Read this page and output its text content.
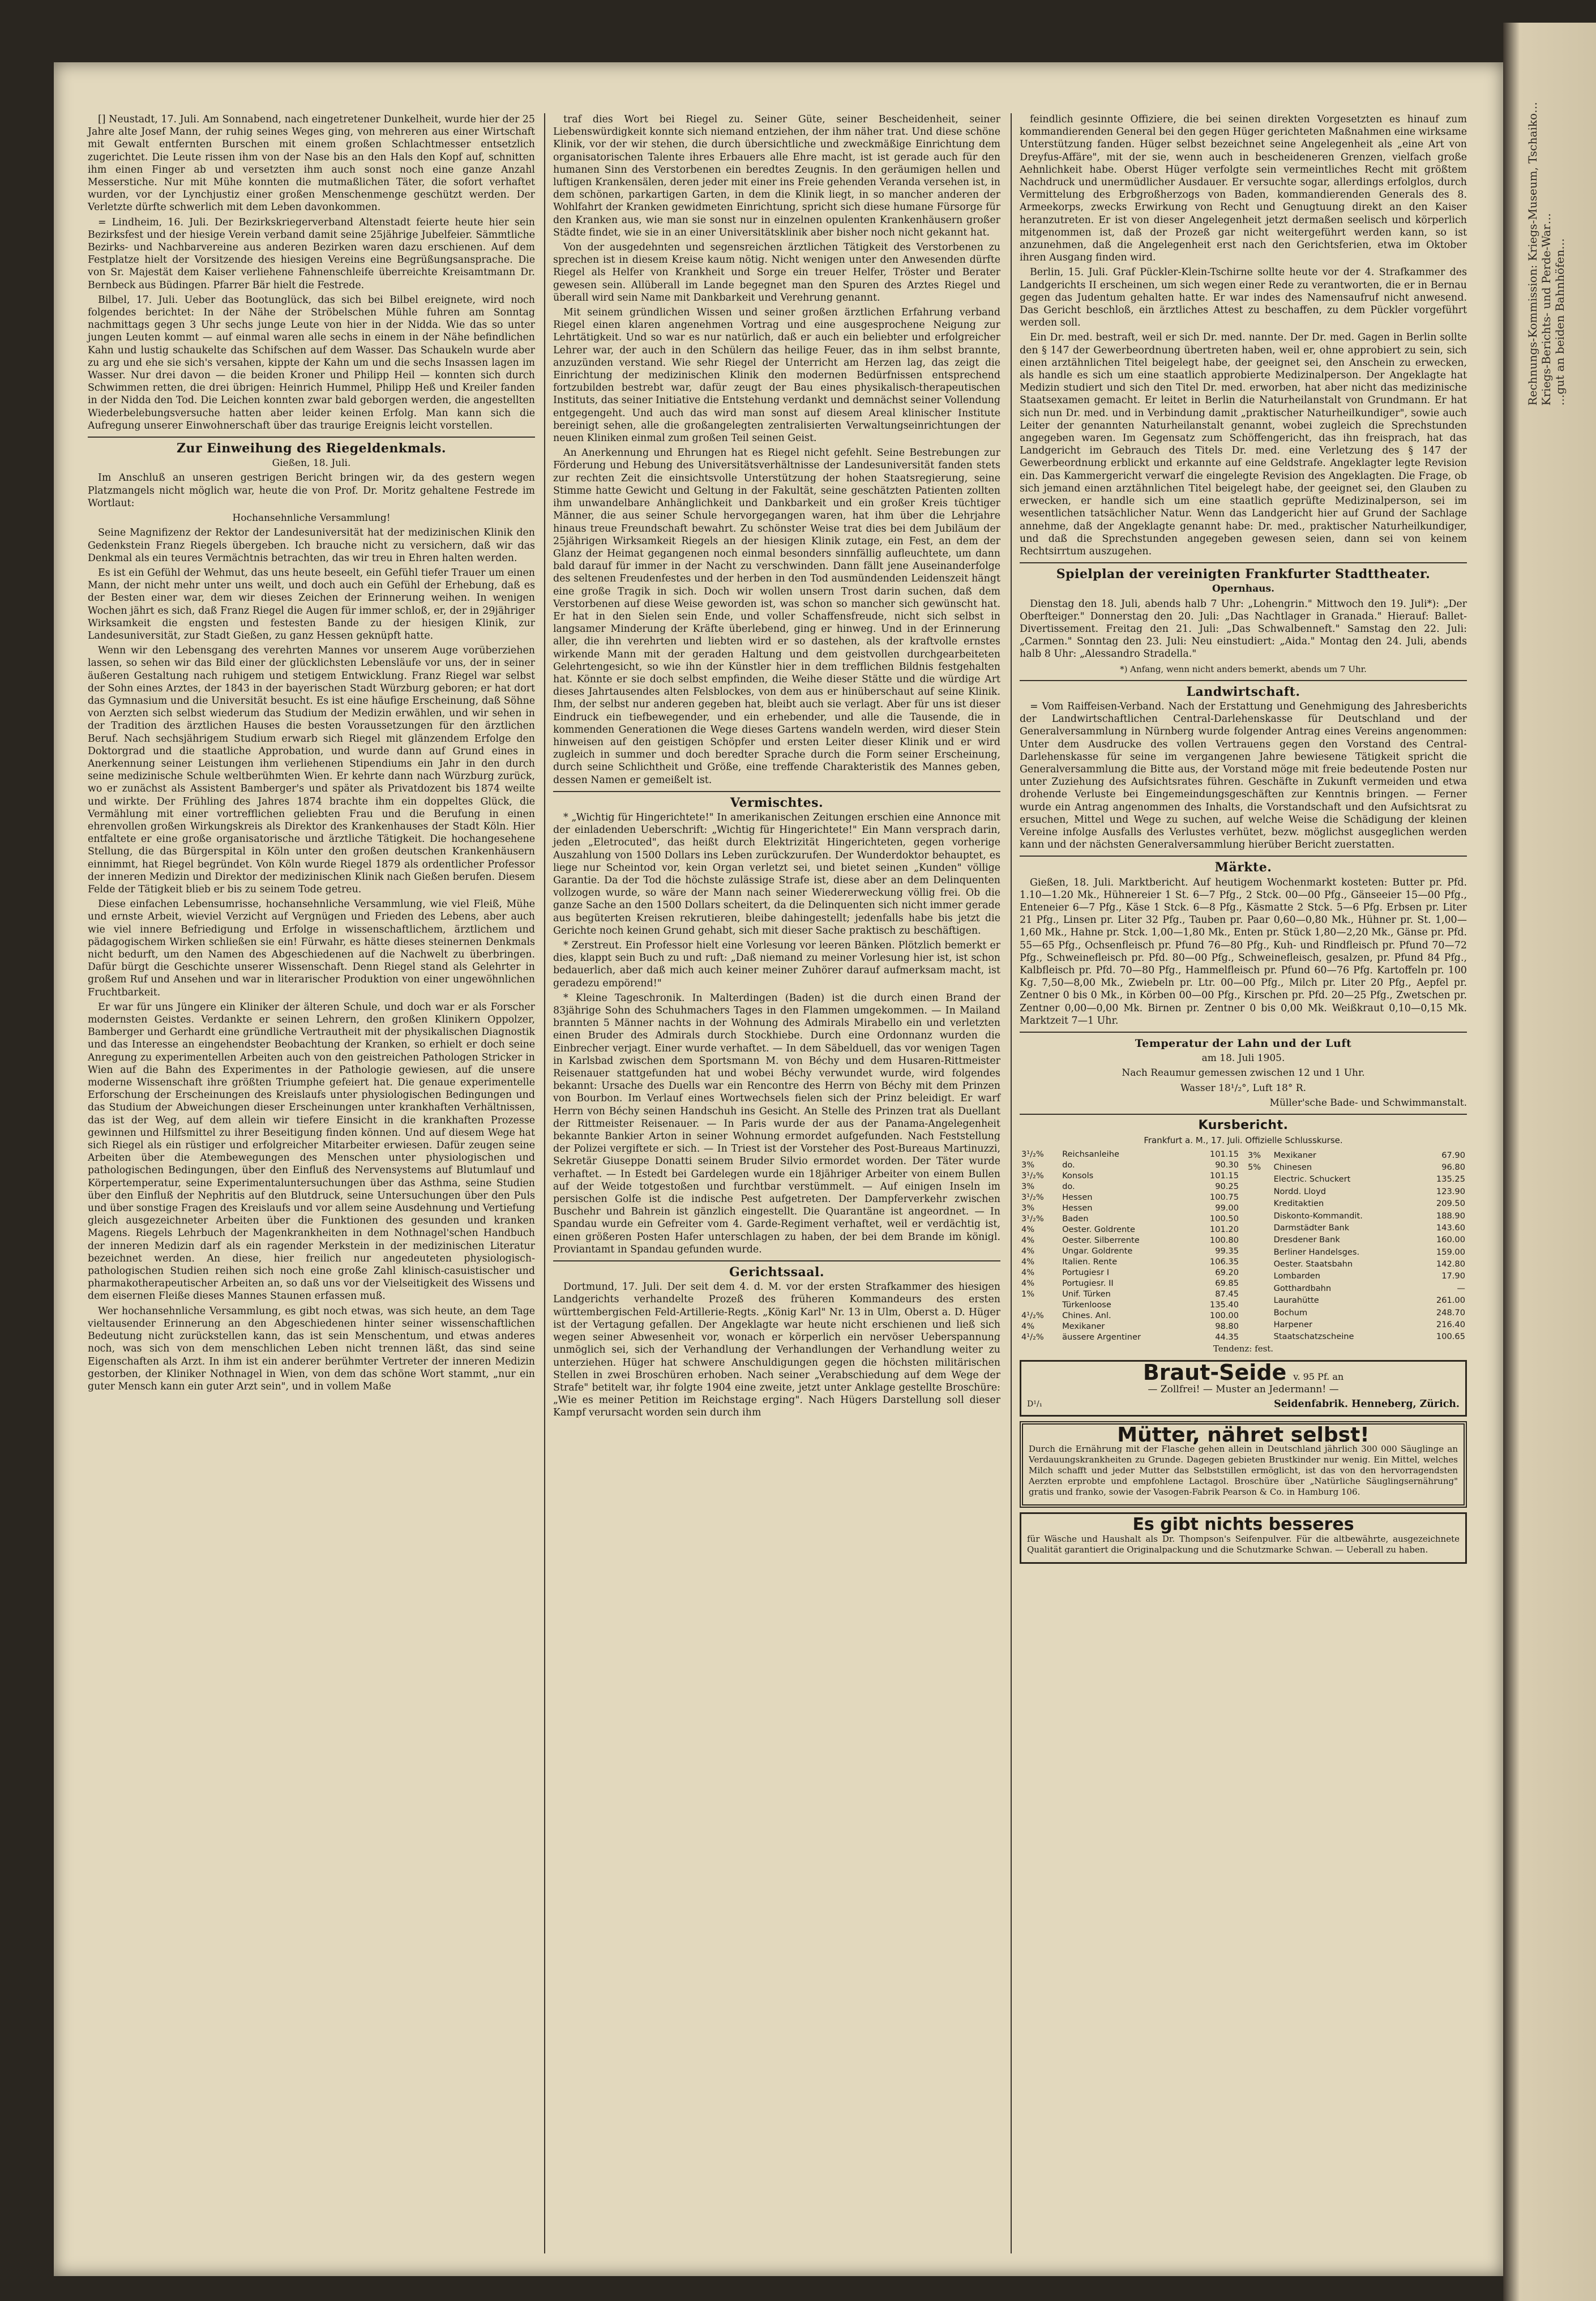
[] Neustadt, 17. Juli. Am Sonnabend, nach eingetretener Dunkelheit, wurde hier der 25 Jahre alte Josef Mann, der ruhig seines Weges ging, von mehreren aus einer Wirtschaft mit Gewalt entfernten Burschen mit einem großen Schlachtmesser entsetzlich zugerichtet. Die Leute rissen ihm von der Nase bis an den Hals den Kopf auf, schnitten ihm einen Finger ab und versetzten ihm auch sonst noch eine ganze Anzahl Messerstiche. Nur mit Mühe konnten die mutmaßlichen Täter, die sofort verhaftet wurden, vor der Lynchjustiz einer großen Menschenmenge geschützt werden. Der Verletzte dürfte schwerlich mit dem Leben davonkommen.

= Lindheim, 16. Juli. Der Bezirkskriegerverband Altenstadt feierte heute hier sein Bezirksfest und der hiesige Verein verband damit seine 25jährige Jubelfeier. Sämmtliche Bezirks- und Nachbarvereine aus anderen Bezirken waren dazu erschienen. Auf dem Festplatze hielt der Vorsitzende des hiesigen Vereins eine Begrüßungsansprache. Die von Sr. Majestät dem Kaiser verliehene Fahnenschleife überreichte Kreisamtmann Dr. Bernbeck aus Büdingen. Pfarrer Bär hielt die Festrede.

Bilbel, 17. Juli. Ueber das Bootunglück, das sich bei Bilbel ereignete, wird noch folgendes berichtet: In der Nähe der Ströbelschen Mühle fuhren am Sonntag nachmittags gegen 3 Uhr sechs junge Leute von hier in der Nidda. Wie das so unter jungen Leuten kommt — auf einmal waren alle sechs in einem in der Nähe befindlichen Kahn und lustig schaukelte das Schifschen auf dem Wasser. Das Schaukeln wurde aber zu arg und ehe sie sich's versahen, kippte der Kahn um und die sechs Insassen lagen im Wasser. Nur drei davon — die beiden Kroner und Philipp Heil — konnten sich durch Schwimmen retten, die drei übrigen: Heinrich Hummel, Philipp Heß und Kreiler fanden in der Nidda den Tod. Die Leichen konnten zwar bald geborgen werden, die angestellten Wiederbelebungsversuche hatten aber leider keinen Erfolg. Man kann sich die Aufregung unserer Einwohnerschaft über das traurige Ereignis leicht vorstellen.

Zur Einweihung des Riegeldenkmals.

Gießen, 18. Juli.

Im Anschluß an unseren gestrigen Bericht bringen wir, da des gestern wegen Platzmangels nicht möglich war, heute die von Prof. Dr. Moritz gehaltene Festrede im Wortlaut:

Hochansehnliche Versammlung!

Seine Magnifizenz der Rektor der Landesuniversität hat der medizinischen Klinik den Gedenkstein Franz Riegels übergeben. Ich brauche nicht zu versichern, daß wir das Denkmal als ein teures Vermächtnis betrachten, das wir treu in Ehren halten werden.

Es ist ein Gefühl der Wehmut, das uns heute beseelt, ein Gefühl tiefer Trauer um einen Mann, der nicht mehr unter uns weilt, und doch auch ein Gefühl der Erhebung, daß es der Besten einer war, dem wir dieses Zeichen der Erinnerung weihen. In wenigen Wochen jährt es sich, daß Franz Riegel die Augen für immer schloß, er, der in 29jähriger Wirksamkeit die engsten und festesten Bande zu der hiesigen Klinik, zur Landesuniversität, zur Stadt Gießen, zu ganz Hessen geknüpft hatte.

Wenn wir den Lebensgang des verehrten Mannes vor unserem Auge vorüberziehen lassen, so sehen wir das Bild einer der glücklichsten Lebensläufe vor uns, der in seiner äußeren Gestaltung nach ruhigem und stetigem Entwicklung. Franz Riegel war selbst der Sohn eines Arztes, der 1843 in der bayerischen Stadt Würzburg geboren; er hat dort das Gymnasium und die Universität besucht. Es ist eine häufige Erscheinung, daß Söhne von Aerzten sich selbst wiederum das Studium der Medizin erwählen, und wir sehen in der Tradition des ärztlichen Hauses die besten Voraussetzungen für den ärztlichen Beruf. Nach sechsjährigem Studium erwarb sich Riegel mit glänzendem Erfolge den Doktorgrad und die staatliche Approbation, und wurde dann auf Grund eines in Anerkennung seiner Leistungen ihm verliehenen Stipendiums ein Jahr in den durch seine medizinische Schule weltberühmten Wien. Er kehrte dann nach Würzburg zurück, wo er zunächst als Assistent Bamberger's und später als Privatdozent bis 1874 weilte und wirkte. Der Frühling des Jahres 1874 brachte ihm ein doppeltes Glück, die Vermählung mit einer vortrefflichen geliebten Frau und die Berufung in einen ehrenvollen großen Wirkungskreis als Direktor des Krankenhauses der Stadt Köln. Hier entfaltete er eine große organisatorische und ärztliche Tätigkeit. Die hochangesehene Stellung, die das Bürgerspital in Köln unter den großen deutschen Krankenhäusern einnimmt, hat Riegel begründet. Von Köln wurde Riegel 1879 als ordentlicher Professor der inneren Medizin und Direktor der medizinischen Klinik nach Gießen berufen. Diesem Felde der Tätigkeit blieb er bis zu seinem Tode getreu.

Diese einfachen Lebensumrisse, hochansehnliche Versammlung, wie viel Fleiß, Mühe und ernste Arbeit, wieviel Verzicht auf Vergnügen und Frieden des Lebens, aber auch wie viel innere Befriedigung und Erfolge in wissenschaftlichem, ärztlichem und pädagogischem Wirken schließen sie ein! Fürwahr, es hätte dieses steinernen Denkmals nicht bedurft, um den Namen des Abgeschiedenen auf die Nachwelt zu überbringen. Dafür bürgt die Geschichte unserer Wissenschaft. Denn Riegel stand als Gelehrter in großem Ruf und Ansehen und war in literarischer Produktion von einer ungewöhnlichen Fruchtbarkeit.

Er war für uns Jüngere ein Kliniker der älteren Schule, und doch war er als Forscher modernsten Geistes. Verdankte er seinen Lehrern, den großen Klinikern Oppolzer, Bamberger und Gerhardt eine gründliche Vertrautheit mit der physikalischen Diagnostik und das Interesse an eingehendster Beobachtung der Kranken, so erhielt er doch seine Anregung zu experimentellen Arbeiten auch von den geistreichen Pathologen Stricker in Wien auf die Bahn des Experimentes in der Pathologie gewiesen, auf die unsere moderne Wissenschaft ihre größten Triumphe gefeiert hat. Die genaue experimentelle Erforschung der Erscheinungen des Kreislaufs unter physiologischen Bedingungen und das Studium der Abweichungen dieser Erscheinungen unter krankhaften Verhältnissen, das ist der Weg, auf dem allein wir tiefere Einsicht in die krankhaften Prozesse gewinnen und Hilfsmittel zu ihrer Beseitigung finden können. Und auf diesem Wege hat sich Riegel als ein rüstiger und erfolgreicher Mitarbeiter erwiesen. Dafür zeugen seine Arbeiten über die Atembewegungen des Menschen unter physiologischen und pathologischen Bedingungen, über den Einfluß des Nervensystems auf Blutumlauf und Körpertemperatur, seine Experimentaluntersuchungen über das Asthma, seine Studien über den Einfluß der Nephritis auf den Blutdruck, seine Untersuchungen über den Puls und über sonstige Fragen des Kreislaufs und vor allem seine Ausdehnung und Vertiefung gleich ausgezeichneter Arbeiten über die Funktionen des gesunden und kranken Magens. Riegels Lehrbuch der Magenkrankheiten in dem Nothnagel'schen Handbuch der inneren Medizin darf als ein ragender Merkstein in der medizinischen Literatur bezeichnet werden. An diese, hier freilich nur angedeuteten physiologisch-pathologischen Studien reihen sich noch eine große Zahl klinisch-casuistischer und pharmakotherapeutischer Arbeiten an, so daß uns vor der Vielseitigkeit des Wissens und dem eisernen Fleiße dieses Mannes Staunen erfassen muß.

Wer hochansehnliche Versammlung, es gibt noch etwas, was sich heute, an dem Tage vieltausender Erinnerung an den Abgeschiedenen hinter seiner wissenschaftlichen Bedeutung nicht zurückstellen kann, das ist sein Menschentum, und etwas anderes noch, was sich von dem menschlichen Leben nicht trennen läßt, das sind seine Eigenschaften als Arzt. In ihm ist ein anderer berühmter Vertreter der inneren Medizin gestorben, der Kliniker Nothnagel in Wien, von dem das schöne Wort stammt, „nur ein guter Mensch kann ein guter Arzt sein", und in vollem Maße

traf dies Wort bei Riegel zu. Seiner Güte, seiner Bescheidenheit, seiner Liebenswürdigkeit konnte sich niemand entziehen, der ihm näher trat. Und diese schöne Klinik, vor der wir stehen, die durch übersichtliche und zweckmäßige Einrichtung dem organisatorischen Talente ihres Erbauers alle Ehre macht, ist ist gerade auch für den humanen Sinn des Verstorbenen ein beredtes Zeugnis. In den geräumigen hellen und luftigen Krankensälen, deren jeder mit einer ins Freie gehenden Veranda versehen ist, in dem schönen, parkartigen Garten, in dem die Klinik liegt, in so mancher anderen der Wohlfahrt der Kranken gewidmeten Einrichtung, spricht sich diese humane Fürsorge für den Kranken aus, wie man sie sonst nur in einzelnen opulenten Krankenhäusern großer Städte findet, wie sie in an einer Universitätsklinik aber bisher noch nicht gekannt hat.

Von der ausgedehnten und segensreichen ärztlichen Tätigkeit des Verstorbenen zu sprechen ist in diesem Kreise kaum nötig. Nicht wenigen unter den Anwesenden dürfte Riegel als Helfer von Krankheit und Sorge ein treuer Helfer, Tröster und Berater gewesen sein. Allüberall im Lande begegnet man den Spuren des Arztes Riegel und überall wird sein Name mit Dankbarkeit und Verehrung genannt.

Mit seinem gründlichen Wissen und seiner großen ärztlichen Erfahrung verband Riegel einen klaren angenehmen Vortrag und eine ausgesprochene Neigung zur Lehrtätigkeit. Und so war es nur natürlich, daß er auch ein beliebter und erfolgreicher Lehrer war, der auch in den Schülern das heilige Feuer, das in ihm selbst brannte, anzuzünden verstand. Wie sehr Riegel der Unterricht am Herzen lag, das zeigt die Einrichtung der medizinischen Klinik den modernen Bedürfnissen entsprechend fortzubilden bestrebt war, dafür zeugt der Bau eines physikalisch-therapeutischen Instituts, das seiner Initiative die Entstehung verdankt und demnächst seiner Vollendung entgegengeht. Und auch das wird man sonst auf diesem Areal klinischer Institute bereinigt sehen, alle die großangelegten zentralisierten Verwaltungseinrichtungen der neuen Kliniken einmal zum großen Teil seinen Geist.

An Anerkennung und Ehrungen hat es Riegel nicht gefehlt. Seine Bestrebungen zur Förderung und Hebung des Universitätsverhältnisse der Landesuniversität fanden stets zur rechten Zeit die einsichtsvolle Unterstützung der hohen Staatsregierung, seine Stimme hatte Gewicht und Geltung in der Fakultät, seine geschätzten Patienten zollten ihm unwandelbare Anhänglichkeit und Dankbarkeit und ein großer Kreis tüchtiger Männer, die aus seiner Schule hervorgegangen waren, hat ihm über die Lehrjahre hinaus treue Freundschaft bewahrt. Zu schönster Weise trat dies bei dem Jubiläum der 25jährigen Wirksamkeit Riegels an der hiesigen Klinik zutage, ein Fest, an dem der Glanz der Heimat gegangenen noch einmal besonders sinnfällig aufleuchtete, um dann bald darauf für immer in der Nacht zu verschwinden. Dann fällt jene Auseinanderfolge des seltenen Freudenfestes und der herben in den Tod ausmündenden Leidenszeit hängt eine große Tragik in sich. Doch wir wollen unsern Trost darin suchen, daß dem Verstorbenen auf diese Weise geworden ist, was schon so mancher sich gewünscht hat. Er hat in den Sielen sein Ende, und voller Schaffensfreude, nicht sich selbst in langsamer Minderung der Kräfte überlebend, ging er hinweg. Und in der Erinnerung aller, die ihn verehrten und liebten wird er so dastehen, als der kraftvolle ernstes wirkende Mann mit der geraden Haltung und dem geistvollen durchgearbeiteten Gelehrtengesicht, so wie ihn der Künstler hier in dem trefflichen Bildnis festgehalten hat. Könnte er sie doch selbst empfinden, die Weihe dieser Stätte und die würdige Art dieses Jahrtausendes alten Felsblockes, von dem aus er hinüberschaut auf seine Klinik. Ihm, der selbst nur anderen gegeben hat, bleibt auch sie verlagt. Aber für uns ist dieser Eindruck ein tiefbewegender, und ein erhebender, und alle die Tausende, die in kommenden Generationen die Wege dieses Gartens wandeln werden, wird dieser Stein hinweisen auf den geistigen Schöpfer und ersten Leiter dieser Klinik und er wird zugleich in summer und doch beredter Sprache durch die Form seiner Erscheinung, durch seine Schlichtheit und Größe, eine treffende Charakteristik des Mannes geben, dessen Namen er gemeißelt ist.

Vermischtes.

* „Wichtig für Hingerichtete!" In amerikanischen Zeitungen erschien eine Annonce mit der einladenden Ueberschrift: „Wichtig für Hingerichtete!" Ein Mann versprach darin, jeden „Eletrocuted", das heißt durch Elektrizität Hingerichteten, gegen vorherige Auszahlung von 1500 Dollars ins Leben zurückzurufen. Der Wunderdoktor behauptet, es liege nur Scheintod vor, kein Organ verletzt sei, und bietet seinen „Kunden" völlige Garantie. Da der Tod die höchste zulässige Strafe ist, diese aber an dem Delinquenten vollzogen wurde, so wäre der Mann nach seiner Wiedererweckung völlig frei. Ob die ganze Sache an den 1500 Dollars scheitert, da die Delinquenten sich nicht immer gerade aus begüterten Kreisen rekrutieren, bleibe dahingestellt; jedenfalls habe bis jetzt die Gerichte noch keinen Grund gehabt, sich mit dieser Sache praktisch zu beschäftigen.

* Zerstreut. Ein Professor hielt eine Vorlesung vor leeren Bänken. Plötzlich bemerkt er dies, klappt sein Buch zu und ruft: „Daß niemand zu meiner Vorlesung hier ist, ist schon bedauerlich, aber daß mich auch keiner meiner Zuhörer darauf aufmerksam macht, ist geradezu empörend!"

* Kleine Tageschronik. In Malterdingen (Baden) ist die durch einen Brand der 83jährige Sohn des Schuhmachers Tages in den Flammen umgekommen. — In Mailand brannten 5 Männer nachts in der Wohnung des Admirals Mirabello ein und verletzten einen Bruder des Admirals durch Stockhiebe. Durch eine Ordonnanz wurden die Einbrecher verjagt. Einer wurde verhaftet. — In dem Säbelduell, das vor wenigen Tagen in Karlsbad zwischen dem Sportsmann M. von Béchy und dem Husaren-Rittmeister Reisenauer stattgefunden hat und wobei Béchy verwundet wurde, wird folgendes bekannt: Ursache des Duells war ein Rencontre des Herrn von Béchy mit dem Prinzen von Bourbon. Im Verlauf eines Wortwechsels fielen sich der Prinz beleidigt. Er warf Herrn von Béchy seinen Handschuh ins Gesicht. An Stelle des Prinzen trat als Duellant der Rittmeister Reisenauer. — In Paris wurde der aus der Panama-Angelegenheit bekannte Bankier Arton in seiner Wohnung ermordet aufgefunden. Nach Feststellung der Polizei vergiftete er sich. — In Triest ist der Vorsteher des Post-Bureaus Martinuzzi, Sekretär Giuseppe Donatti seinem Bruder Silvio ermordet worden. Der Täter wurde verhaftet. — In Estedt bei Gardelegen wurde ein 18jähriger Arbeiter von einem Bullen auf der Weide totgestoßen und furchtbar verstümmelt. — Auf einigen Inseln im persischen Golfe ist die indische Pest aufgetreten. Der Dampferverkehr zwischen Buschehr und Bahrein ist gänzlich eingestellt. Die Quarantäne ist angeordnet. — In Spandau wurde ein Gefreiter vom 4. Garde-Regiment verhaftet, weil er verdächtig ist, einen größeren Posten Hafer unterschlagen zu haben, der bei dem Brande im königl. Proviantamt in Spandau gefunden wurde.

Gerichtssaal.

Dortmund, 17. Juli. Der seit dem 4. d. M. vor der ersten Strafkammer des hiesigen Landgerichts verhandelte Prozeß des früheren Kommandeurs des ersten württembergischen Feld-Artillerie-Regts. „König Karl" Nr. 13 in Ulm, Oberst a. D. Hüger ist der Vertagung gefallen. Der Angeklagte war heute nicht erschienen und ließ sich wegen seiner Abwesenheit vor, wonach er körperlich ein nervöser Ueberspannung unmöglich sei, sich der Verhandlung der Verhandlungen der Verhandlung weiter zu unterziehen. Hüger hat schwere Anschuldigungen gegen die höchsten militärischen Stellen in zwei Broschüren erhoben. Nach seiner „Verabschiedung auf dem Wege der Strafe" betitelt war, ihr folgte 1904 eine zweite, jetzt unter Anklage gestellte Broschüre: „Wie es meiner Petition im Reichstage erging". Nach Hügers Darstellung soll dieser Kampf verursacht worden sein durch ihm

feindlich gesinnte Offiziere, die bei seinen direkten Vorgesetzten es hinauf zum kommandierenden General bei den gegen Hüger gerichteten Maßnahmen eine wirksame Unterstützung fanden. Hüger selbst bezeichnet seine Angelegenheit als „eine Art von Dreyfus-Affäre", mit der sie, wenn auch in bescheideneren Grenzen, vielfach große Aehnlichkeit habe. Oberst Hüger verfolgte sein vermeintliches Recht mit größtem Nachdruck und unermüdlicher Ausdauer. Er versuchte sogar, allerdings erfolglos, durch Vermittelung des Erbgroßherzogs von Baden, kommandierenden Generals des 8. Armeekorps, zwecks Erwirkung von Recht und Genugtuung direkt an den Kaiser heranzutreten. Er ist von dieser Angelegenheit jetzt dermaßen seelisch und körperlich mitgenommen ist, daß der Prozeß gar nicht weitergeführt werden kann, so ist anzunehmen, daß die Angelegenheit erst nach den Gerichtsferien, etwa im Oktober ihren Ausgang finden wird.

Berlin, 15. Juli. Graf Pückler-Klein-Tschirne sollte heute vor der 4. Strafkammer des Landgerichts II erscheinen, um sich wegen einer Rede zu verantworten, die er in Bernau gegen das Judentum gehalten hatte. Er war indes des Namensaufruf nicht anwesend. Das Gericht beschloß, ein ärztliches Attest zu beschaffen, zu dem Pückler vorgeführt werden soll.

Ein Dr. med. bestraft, weil er sich Dr. med. nannte. Der Dr. med. Gagen in Berlin sollte den § 147 der Gewerbeordnung übertreten haben, weil er, ohne approbiert zu sein, sich einen arztähnlichen Titel beigelegt habe, der geeignet sei, den Anschein zu erwecken, als handle es sich um eine staatlich approbierte Medizinalperson. Der Angeklagte hat Medizin studiert und sich den Titel Dr. med. erworben, hat aber nicht das medizinische Staatsexamen gemacht. Er leitet in Berlin die Naturheilanstalt von Grundmann. Er hat sich nun Dr. med. und in Verbindung damit „praktischer Naturheilkundiger", sowie auch Leiter der genannten Naturheilanstalt genannt, wobei zugleich die Sprechstunden angegeben waren. Im Gegensatz zum Schöffengericht, das ihn freisprach, hat das Landgericht im Gebrauch des Titels Dr. med. eine Verletzung des § 147 der Gewerbeordnung erblickt und erkannte auf eine Geldstrafe. Angeklagter legte Revision ein. Das Kammergericht verwarf die eingelegte Revision des Angeklagten. Die Frage, ob sich jemand einen arztähnlichen Titel beigelegt habe, der geeignet sei, den Glauben zu erwecken, er handle sich um eine staatlich geprüfte Medizinalperson, sei im wesentlichen tatsächlicher Natur. Wenn das Landgericht hier auf Grund der Sachlage annehme, daß der Angeklagte genannt habe: Dr. med., praktischer Naturheilkundiger, und daß die Sprechstunden angegeben gewesen seien, dann sei von keinem Rechtsirrtum auszugehen.

Spielplan der vereinigten Frankfurter Stadttheater.

Opernhaus.

Dienstag den 18. Juli, abends halb 7 Uhr: „Lohengrin." Mittwoch den 19. Juli*): „Der Oberfteiger." Donnerstag den 20. Juli: „Das Nachtlager in Granada." Hierauf: Ballet-Divertissement. Freitag den 21. Juli: „Das Schwalbenneft." Samstag den 22. Juli: „Carmen." Sonntag den 23. Juli: Neu einstudiert: „Aida." Montag den 24. Juli, abends halb 8 Uhr: „Alessandro Stradella."

*) Anfang, wenn nicht anders bemerkt, abends um 7 Uhr.

Landwirtschaft.

= Vom Raiffeisen-Verband. Nach der Erstattung und Genehmigung des Jahresberichts der Landwirtschaftlichen Central-Darlehenskasse für Deutschland und der Generalversammlung in Nürnberg wurde folgender Antrag eines Vereins angenommen: Unter dem Ausdrucke des vollen Vertrauens gegen den Vorstand des Central-Darlehenskasse für seine im vergangenen Jahre bewiesene Tätigkeit spricht die Generalversammlung die Bitte aus, der Vorstand möge mit freie bedeutende Posten nur unter Zuziehung des Aufsichtsrates führen. Geschäfte in Zukunft vermeiden und etwa drohende Verluste bei Eingemeindungsgeschäften zur Kenntnis bringen. — Ferner wurde ein Antrag angenommen des Inhalts, die Vorstandschaft und den Aufsichtsrat zu ersuchen, Mittel und Wege zu suchen, auf welche Weise die Schädigung der kleinen Vereine infolge Ausfalls des Verlustes verhütet, bezw. möglichst ausgeglichen werden kann und der nächsten Generalversammlung hierüber Bericht zuerstatten.

Märkte.

Gießen, 18. Juli. Marktbericht. Auf heutigem Wochenmarkt kosteten: Butter pr. Pfd. 1.10—1.20 Mk., Hühnereier 1 St. 6—7 Pfg., 2 Stck. 00—00 Pfg., Gänseeier 15—00 Pfg., Enteneier 6—7 Pfg., Käse 1 Stck. 6—8 Pfg., Käsmatte 2 Stck. 5—6 Pfg. Erbsen pr. Liter 21 Pfg., Linsen pr. Liter 32 Pfg., Tauben pr. Paar 0,60—0,80 Mk., Hühner pr. St. 1,00—1,60 Mk., Hahne pr. Stck. 1,00—1,80 Mk., Enten pr. Stück 1,80—2,20 Mk., Gänse pr. Pfd. 55—65 Pfg., Ochsenfleisch pr. Pfund 76—80 Pfg., Kuh- und Rindfleisch pr. Pfund 70—72 Pfg., Schweinefleisch pr. Pfd. 80—00 Pfg., Schweinefleisch, gesalzen, pr. Pfund 84 Pfg., Kalbfleisch pr. Pfd. 70—80 Pfg., Hammelfleisch pr. Pfund 60—76 Pfg. Kartoffeln pr. 100 Kg. 7,50—8,00 Mk., Zwiebeln pr. Ltr. 00—00 Pfg., Milch pr. Liter 20 Pfg., Aepfel pr. Zentner 0 bis 0 Mk., in Körben 00—00 Pfg., Kirschen pr. Pfd. 20—25 Pfg., Zwetschen pr. Zentner 0,00—0,00 Mk. Birnen pr. Zentner 0 bis 0,00 Mk. Weißkraut 0,10—0,15 Mk. Marktzeit 7—1 Uhr.

Temperatur der Lahn und der Luft

am 18. Juli 1905.

Nach Reaumur gemessen zwischen 12 und 1 Uhr.

Wasser 18¹/₂°, Luft 18° R.

Müller'sche Bade- und Schwimmanstalt.

Kursbericht.

Frankfurt a. M., 17. Juli. Offizielle Schlusskurse.

3¹/₂%	Reichsanleihe	101.15
3%	do.	90.30
3¹/₂%	Konsols	101.15
3%	do.	90.25
3¹/₂%	Hessen	100.75
3%	Hessen	99.00
3¹/₂%	Baden	100.50
4%	Oester. Goldrente	101.20
4%	Oester. Silberrente	100.80
4%	Ungar. Goldrente	99.35
4%	Italien. Rente	106.35
4%	Portugiesr I	69.20
4%	Portugiesr. II	69.85
1%	Unif. Türken	87.45
	Türkenloose	135.40
4¹/₂%	Chines. Anl.	100.00
4%	Mexikaner	98.80
4¹/₂%	äussere Argentiner	44.35
3%	Mexikaner	67.90
5%	Chinesen	96.80
	Electric. Schuckert	135.25
	Nordd. Lloyd	123.90
	Kreditaktien	209.50
	Diskonto-Kommandit.	188.90
	Darmstädter Bank	143.60
	Dresdener Bank	160.00
	Berliner Handelsges.	159.00
	Oester. Staatsbahn	142.80
	Lombarden	17.90
	Gotthardbahn	—
	Laurahütte	261.00
	Bochum	248.70
	Harpener	216.40
	Staatschatzscheine	100.65

Tendenz: fest.

Braut-Seide v. 95 Pf. an

— Zollfrei! — Muster an Jedermann! —

D¹/₁	Seidenfabrik. Henneberg, Zürich.

Mütter, nähret selbst!

Durch die Ernährung mit der Flasche gehen allein in Deutschland jährlich 300 000 Säuglinge an Verdauungskrankheiten zu Grunde. Dagegen gebieten Brustkinder nur wenig. Ein Mittel, welches Milch schafft und jeder Mutter das Selbststillen ermöglicht, ist das von den hervorragendsten Aerzten erprobte und empfohlene Lactagol. Broschüre über „Natürliche Säuglingsernährung" gratis und franko, sowie der Vasogen-Fabrik Pearson & Co. in Hamburg 106.

Es gibt nichts besseres

für Wäsche und Haushalt als Dr. Thompson's Seifenpulver. Für die altbewährte, ausgezeichnete Qualität garantiert die Originalpackung und die Schutzmarke Schwan. — Ueberall zu haben.

Rechnungs-Kommission: Kriegs-Museum, Tschaiko… Kriegs-Berichts- und Perde-War… …gut an beiden Bahnhöfen…
